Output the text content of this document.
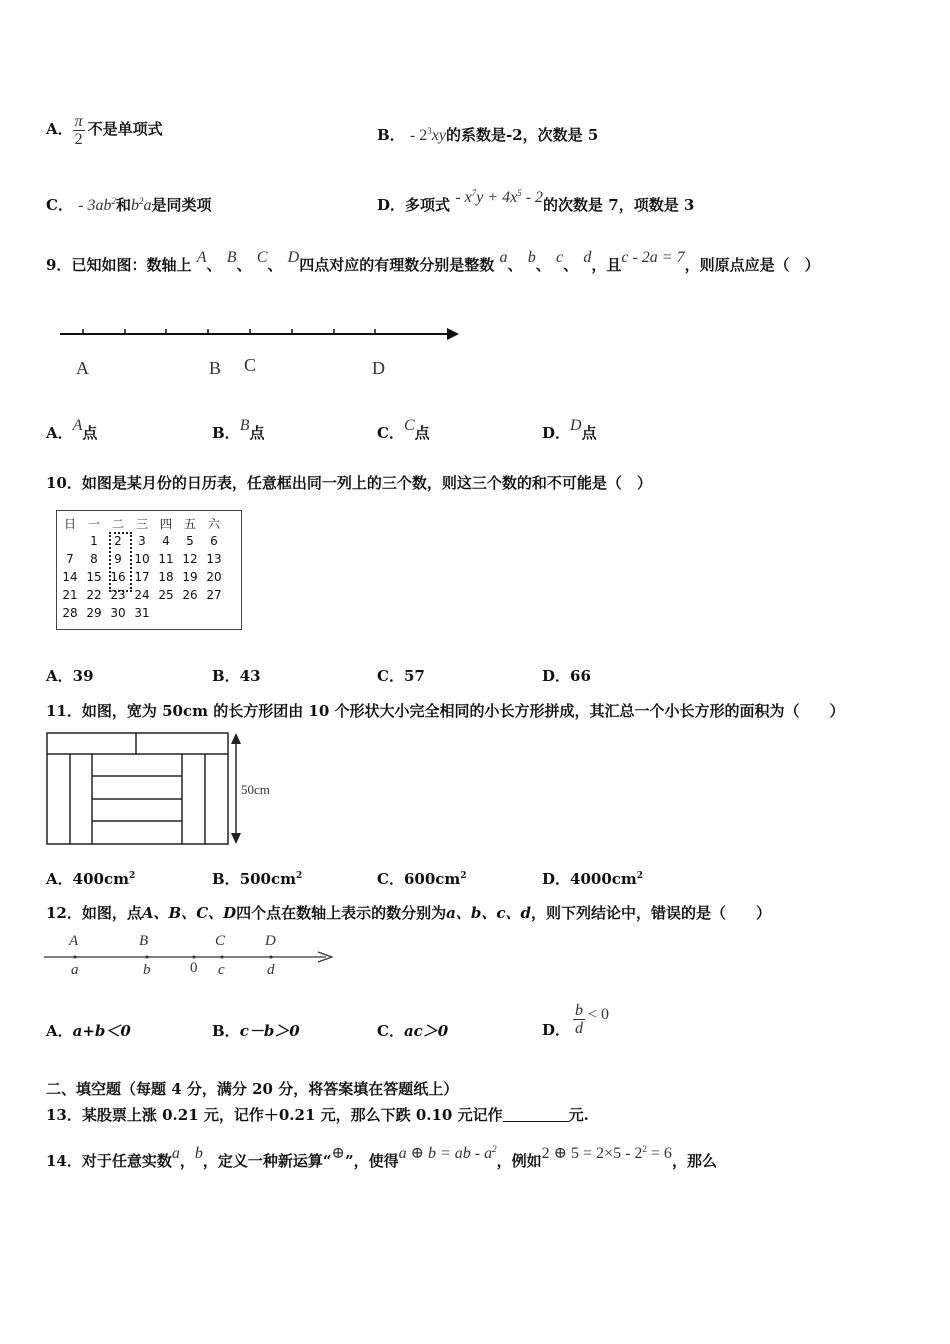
A． $\frac{\pi}{2}$ 不是单项式	B． - $2^3xy$的系数是-2，次数是 5
C． - $3ab^2$和$b^2a$是同类项	D．多项式 - $x^7y + 4x^5 - 2$的次数是 7，项数是 3
9．已知如图：数轴上 A、 B、 C、 D四点对应的有理数分别是整数 a、 b、 c、 d，且c - 2a = 7，则原点应是（　）
A	B C	D
A．A点	B．B点	C．C点	D．D点
10．如图是某月份的日历表，任意框出同一列上的三个数，则这三个数的和不可能是（　）
日	一	二	三	四	五	六
	1	2	3	4	5	6
7	8	9	10	11	12	13
14	15	16	17	18	19	20
21	22	23	24	25	26	27
28	29	30	31			
A．39	B．43	C．57	D．66
11．如图，宽为 50cm 的长方形团由 10 个形状大小完全相同的小长方形拼成，其汇总一个小长方形的面积为（　　）
50cm
A．$400cm^2$	B．$500cm^2$	C．$600cm^2$	D．$4000cm^2$
12．如图，点A、B、C、D四个点在数轴上表示的数分别为a、b、c、d，则下列结论中，错误的是（　　）
A	B	C	D
a	b	0 c	d
A．a+b＜0	B．c－b＞0	C．ac＞0	D． $\frac{b}{d} < 0$
二、填空题（每题 4 分，满分 20 分，将答案填在答题纸上）
13．某股票上涨 0.21 元，记作＋0.21 元，那么下跌 0.10 元记作	元.
14．对于任意实数a，b，定义一种新运算“⊕”，使得a ⊕ b = ab - $a^2$，例如2 ⊕ $5 = 2\times 5 - 2^2 = 6$，那么
